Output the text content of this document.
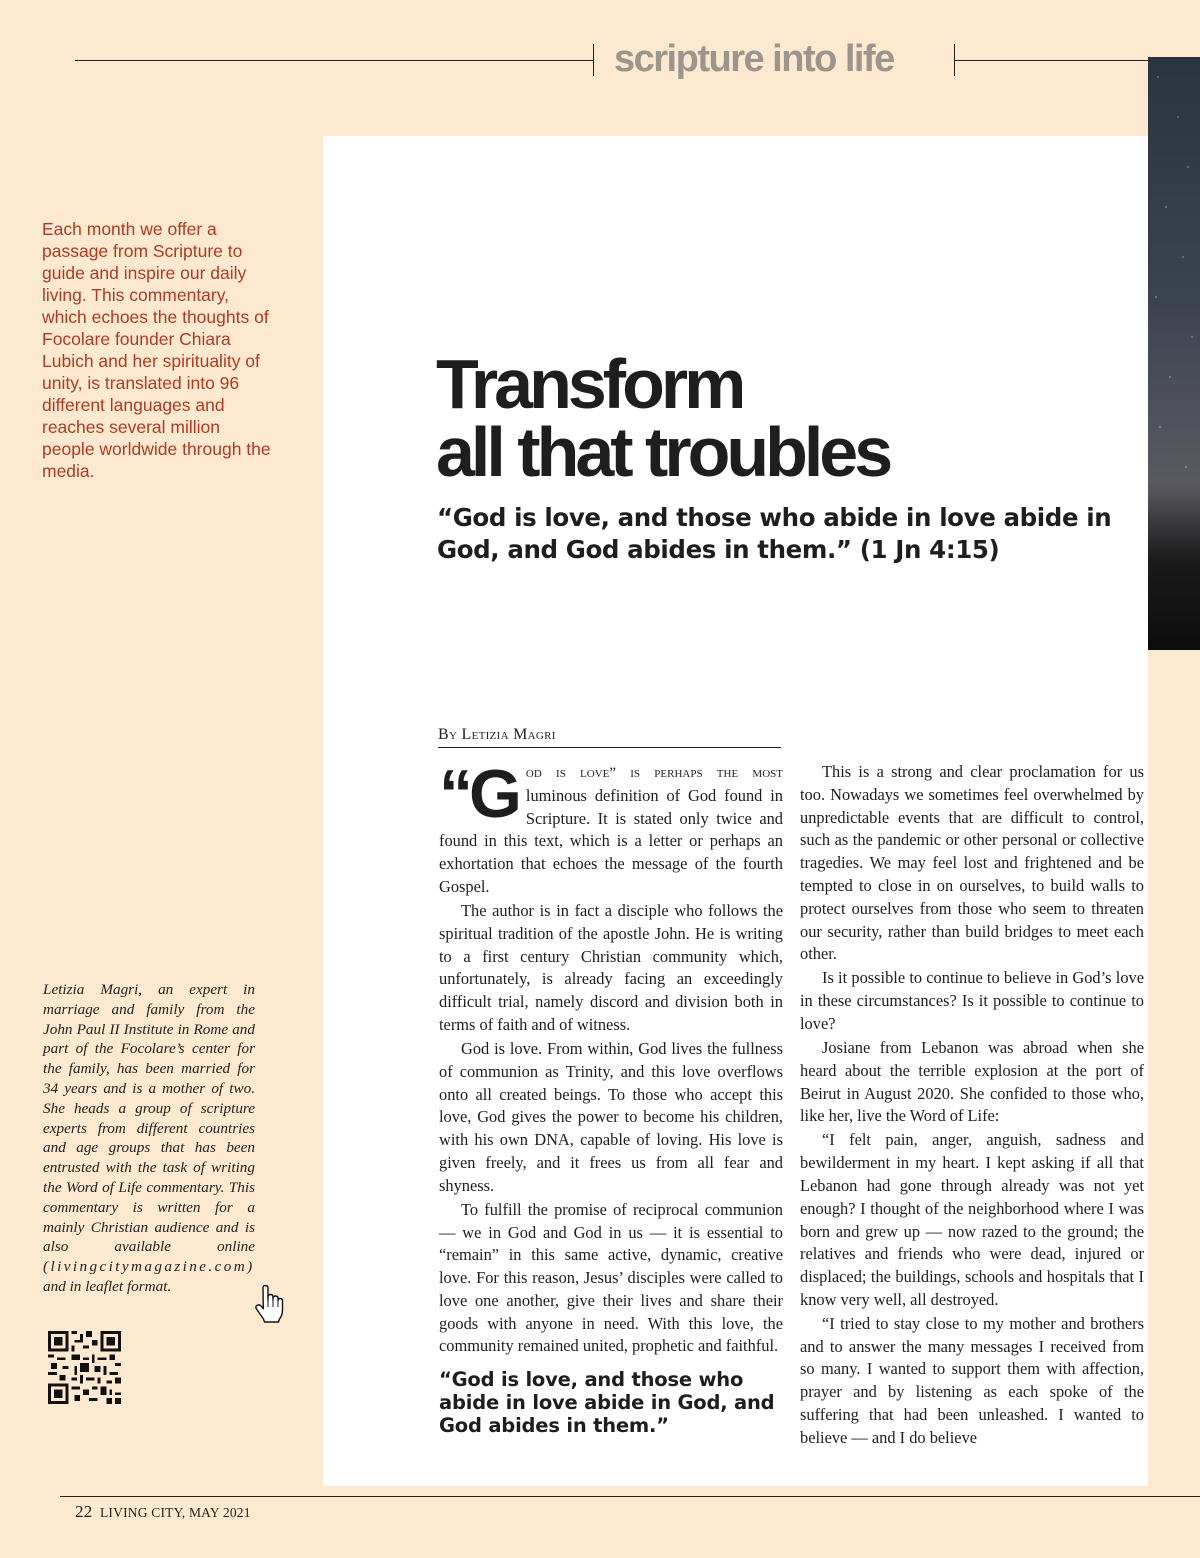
scripture into life
Each month we offer a passage from Scripture to guide and inspire our daily living. This commentary, which echoes the thoughts of Focolare founder Chiara Lubich and her spirituality of unity, is translated into 96 different languages and reaches several million people worldwide through the media.
Transform
all that troubles
“God is love, and those who abide in love abide in God, and God abides in them.” (1 Jn 4:15)
By Letizia Magri

“God is love” is perhaps the most luminous definition of God found in Scripture. It is stated only twice and found in this text, which is a letter or perhaps an exhortation that echoes the message of the fourth Gospel.

The author is in fact a disciple who follows the spiritual tradition of the apostle John. He is writing to a first century Christian community which, unfortunately, is already facing an exceedingly difficult trial, namely discord and division both in terms of faith and of witness.

God is love. From within, God lives the fullness of communion as Trinity, and this love overflows onto all created beings. To those who accept this love, God gives the power to become his children, with his own DNA, capable of loving. His love is given freely, and it frees us from all fear and shyness.

To fulfill the promise of reciprocal communion — we in God and God in us — it is essential to “remain” in this same active, dynamic, creative love. For this reason, Jesus’ disciples were called to love one another, give their lives and share their goods with anyone in need. With this love, the community remained united, prophetic and faithful.

“God is love, and those who abide in love abide in God, and God abides in them.”

This is a strong and clear proclamation for us too. Nowadays we sometimes feel overwhelmed by unpredictable events that are difficult to control, such as the pandemic or other personal or collective tragedies. We may feel lost and frightened and be tempted to close in on ourselves, to build walls to protect ourselves from those who seem to threaten our security, rather than build bridges to meet each other.

Is it possible to continue to believe in God’s love in these circumstances? Is it possible to continue to love?

Josiane from Lebanon was abroad when she heard about the terrible explosion at the port of Beirut in August 2020. She confided to those who, like her, live the Word of Life:

“I felt pain, anger, anguish, sadness and bewilderment in my heart. I kept asking if all that Lebanon had gone through already was not yet enough? I thought of the neighborhood where I was born and grew up — now razed to the ground; the relatives and friends who were dead, injured or displaced; the buildings, schools and hospitals that I know very well, all destroyed.

“I tried to stay close to my mother and brothers and to answer the many messages I received from so many. I wanted to support them with affection, prayer and by listening as each spoke of the suffering that had been unleashed. I wanted to believe — and I do believe

Letizia Magri, an expert in marriage and family from the John Paul II Institute in Rome and part of the Focolare’s center for the family, has been married for 34 years and is a mother of two. She heads a group of scripture experts from different countries and age groups that has been entrusted with the task of writing the Word of Life commentary. This commentary is written for a mainly Christian audience and is also available online (livingcitymagazine.com) and in leaflet format.
22 LIVING CITY, MAY 2021
